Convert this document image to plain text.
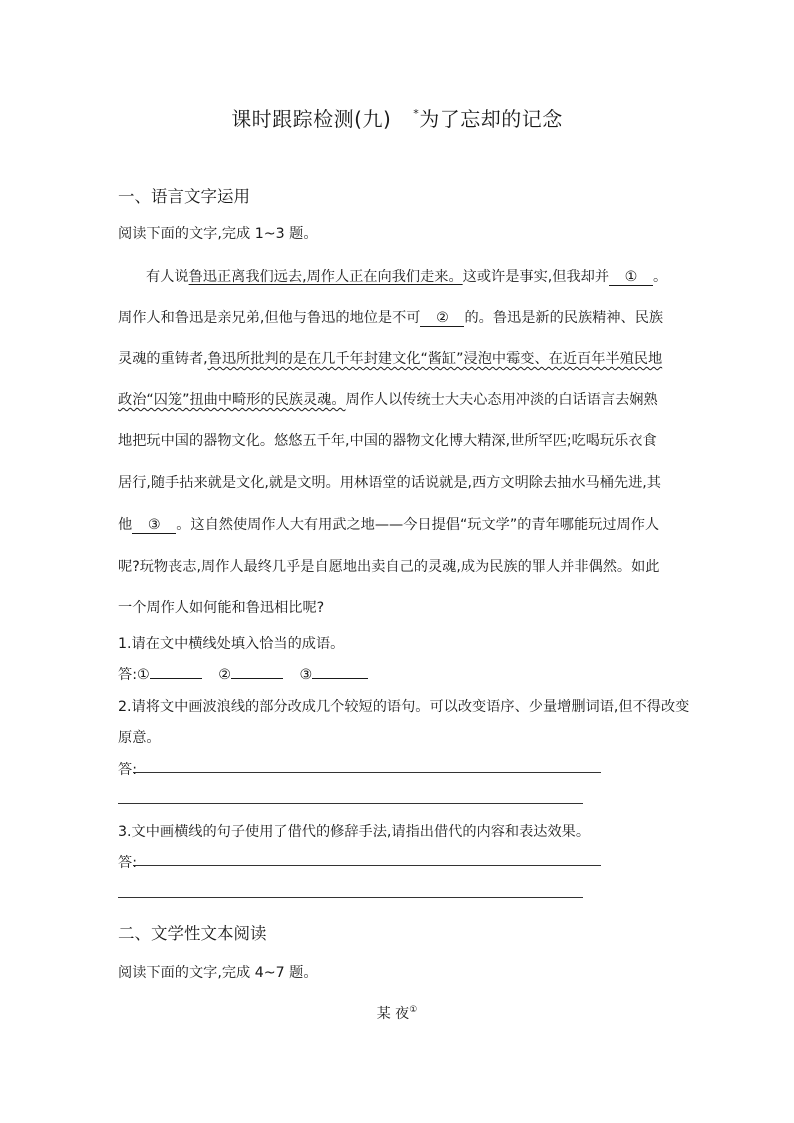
课时跟踪检测(九) *为了忘却的记念
一、语言文字运用
阅读下面的文字,完成 1~3 题。
有人说鲁迅正离我们远去,周作人正在向我们走来。这或许是事实,但我却并 ① 。
周作人和鲁迅是亲兄弟,但他与鲁迅的地位是不可 ② 的。鲁迅是新的民族精神、民族
灵魂的重铸者,鲁迅所批判的是在几千年封建文化“酱缸”浸泡中霉变、在近百年半殖民地
政治“囚笼”扭曲中畸形的民族灵魂。周作人以传统士大夫心态用冲淡的白话语言去娴熟
地把玩中国的器物文化。悠悠五千年,中国的器物文化博大精深,世所罕匹;吃喝玩乐衣食
居行,随手拈来就是文化,就是文明。用林语堂的话说就是,西方文明除去抽水马桶先进,其
他 ③ 。这自然使周作人大有用武之地——今日提倡“玩文学”的青年哪能玩过周作人
呢?玩物丧志,周作人最终几乎是自愿地出卖自己的灵魂,成为民族的罪人并非偶然。如此
一个周作人如何能和鲁迅相比呢?
1.请在文中横线处填入恰当的成语。
答:①	②	③
2.请将文中画波浪线的部分改成几个较短的语句。可以改变语序、少量增删词语,但不得改变
原意。
答:
3.文中画横线的句子使用了借代的修辞手法,请指出借代的内容和表达效果。
答:
二、文学性文本阅读
阅读下面的文字,完成 4~7 题。
某 夜①
